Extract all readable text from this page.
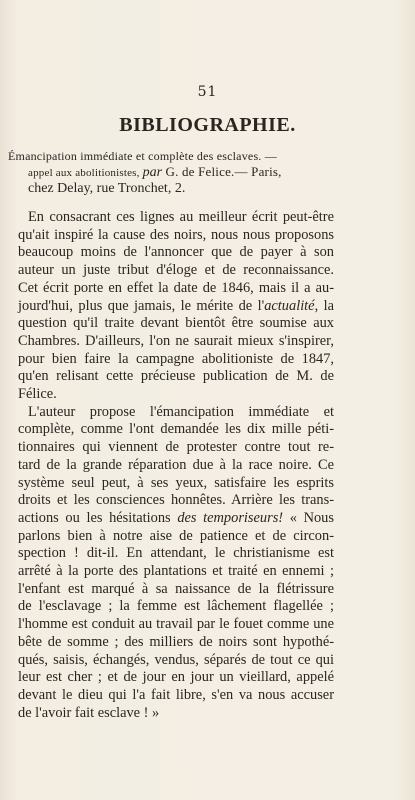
51
BIBLIOGRAPHIE.
Émancipation immédiate et complète des esclaves. —
appel aux abolitionistes, par G. de Felice.— Paris,
chez Delay, rue Tronchet, 2.
En consacrant ces lignes au meilleur écrit peut-être
qu'ait inspiré la cause des noirs, nous nous proposons
beaucoup moins de l'annoncer que de payer à son
auteur un juste tribut d'éloge et de reconnaissance.
Cet écrit porte en effet la date de 1846, mais il a au-
jourd'hui, plus que jamais, le mérite de l'actualité, la
question qu'il traite devant bientôt être soumise aux
Chambres. D'ailleurs, l'on ne saurait mieux s'inspirer,
pour bien faire la campagne abolitioniste de 1847,
qu'en relisant cette précieuse publication de M. de
Félice.
L'auteur propose l'émancipation immédiate et
complète, comme l'ont demandée les dix mille péti-
tionnaires qui viennent de protester contre tout re-
tard de la grande réparation due à la race noire. Ce
système seul peut, à ses yeux, satisfaire les esprits
droits et les consciences honnêtes. Arrière les trans-
actions ou les hésitations des temporiseurs! « Nous
parlons bien à notre aise de patience et de circon-
spection ! dit-il. En attendant, le christianisme est
arrêté à la porte des plantations et traité en ennemi ;
l'enfant est marqué à sa naissance de la flétrissure
de l'esclavage ; la femme est lâchement flagellée ;
l'homme est conduit au travail par le fouet comme une
bête de somme ; des milliers de noirs sont hypothé-
qués, saisis, échangés, vendus, séparés de tout ce qui
leur est cher ; et de jour en jour un vieillard, appelé
devant le dieu qui l'a fait libre, s'en va nous accuser
de l'avoir fait esclave ! »
